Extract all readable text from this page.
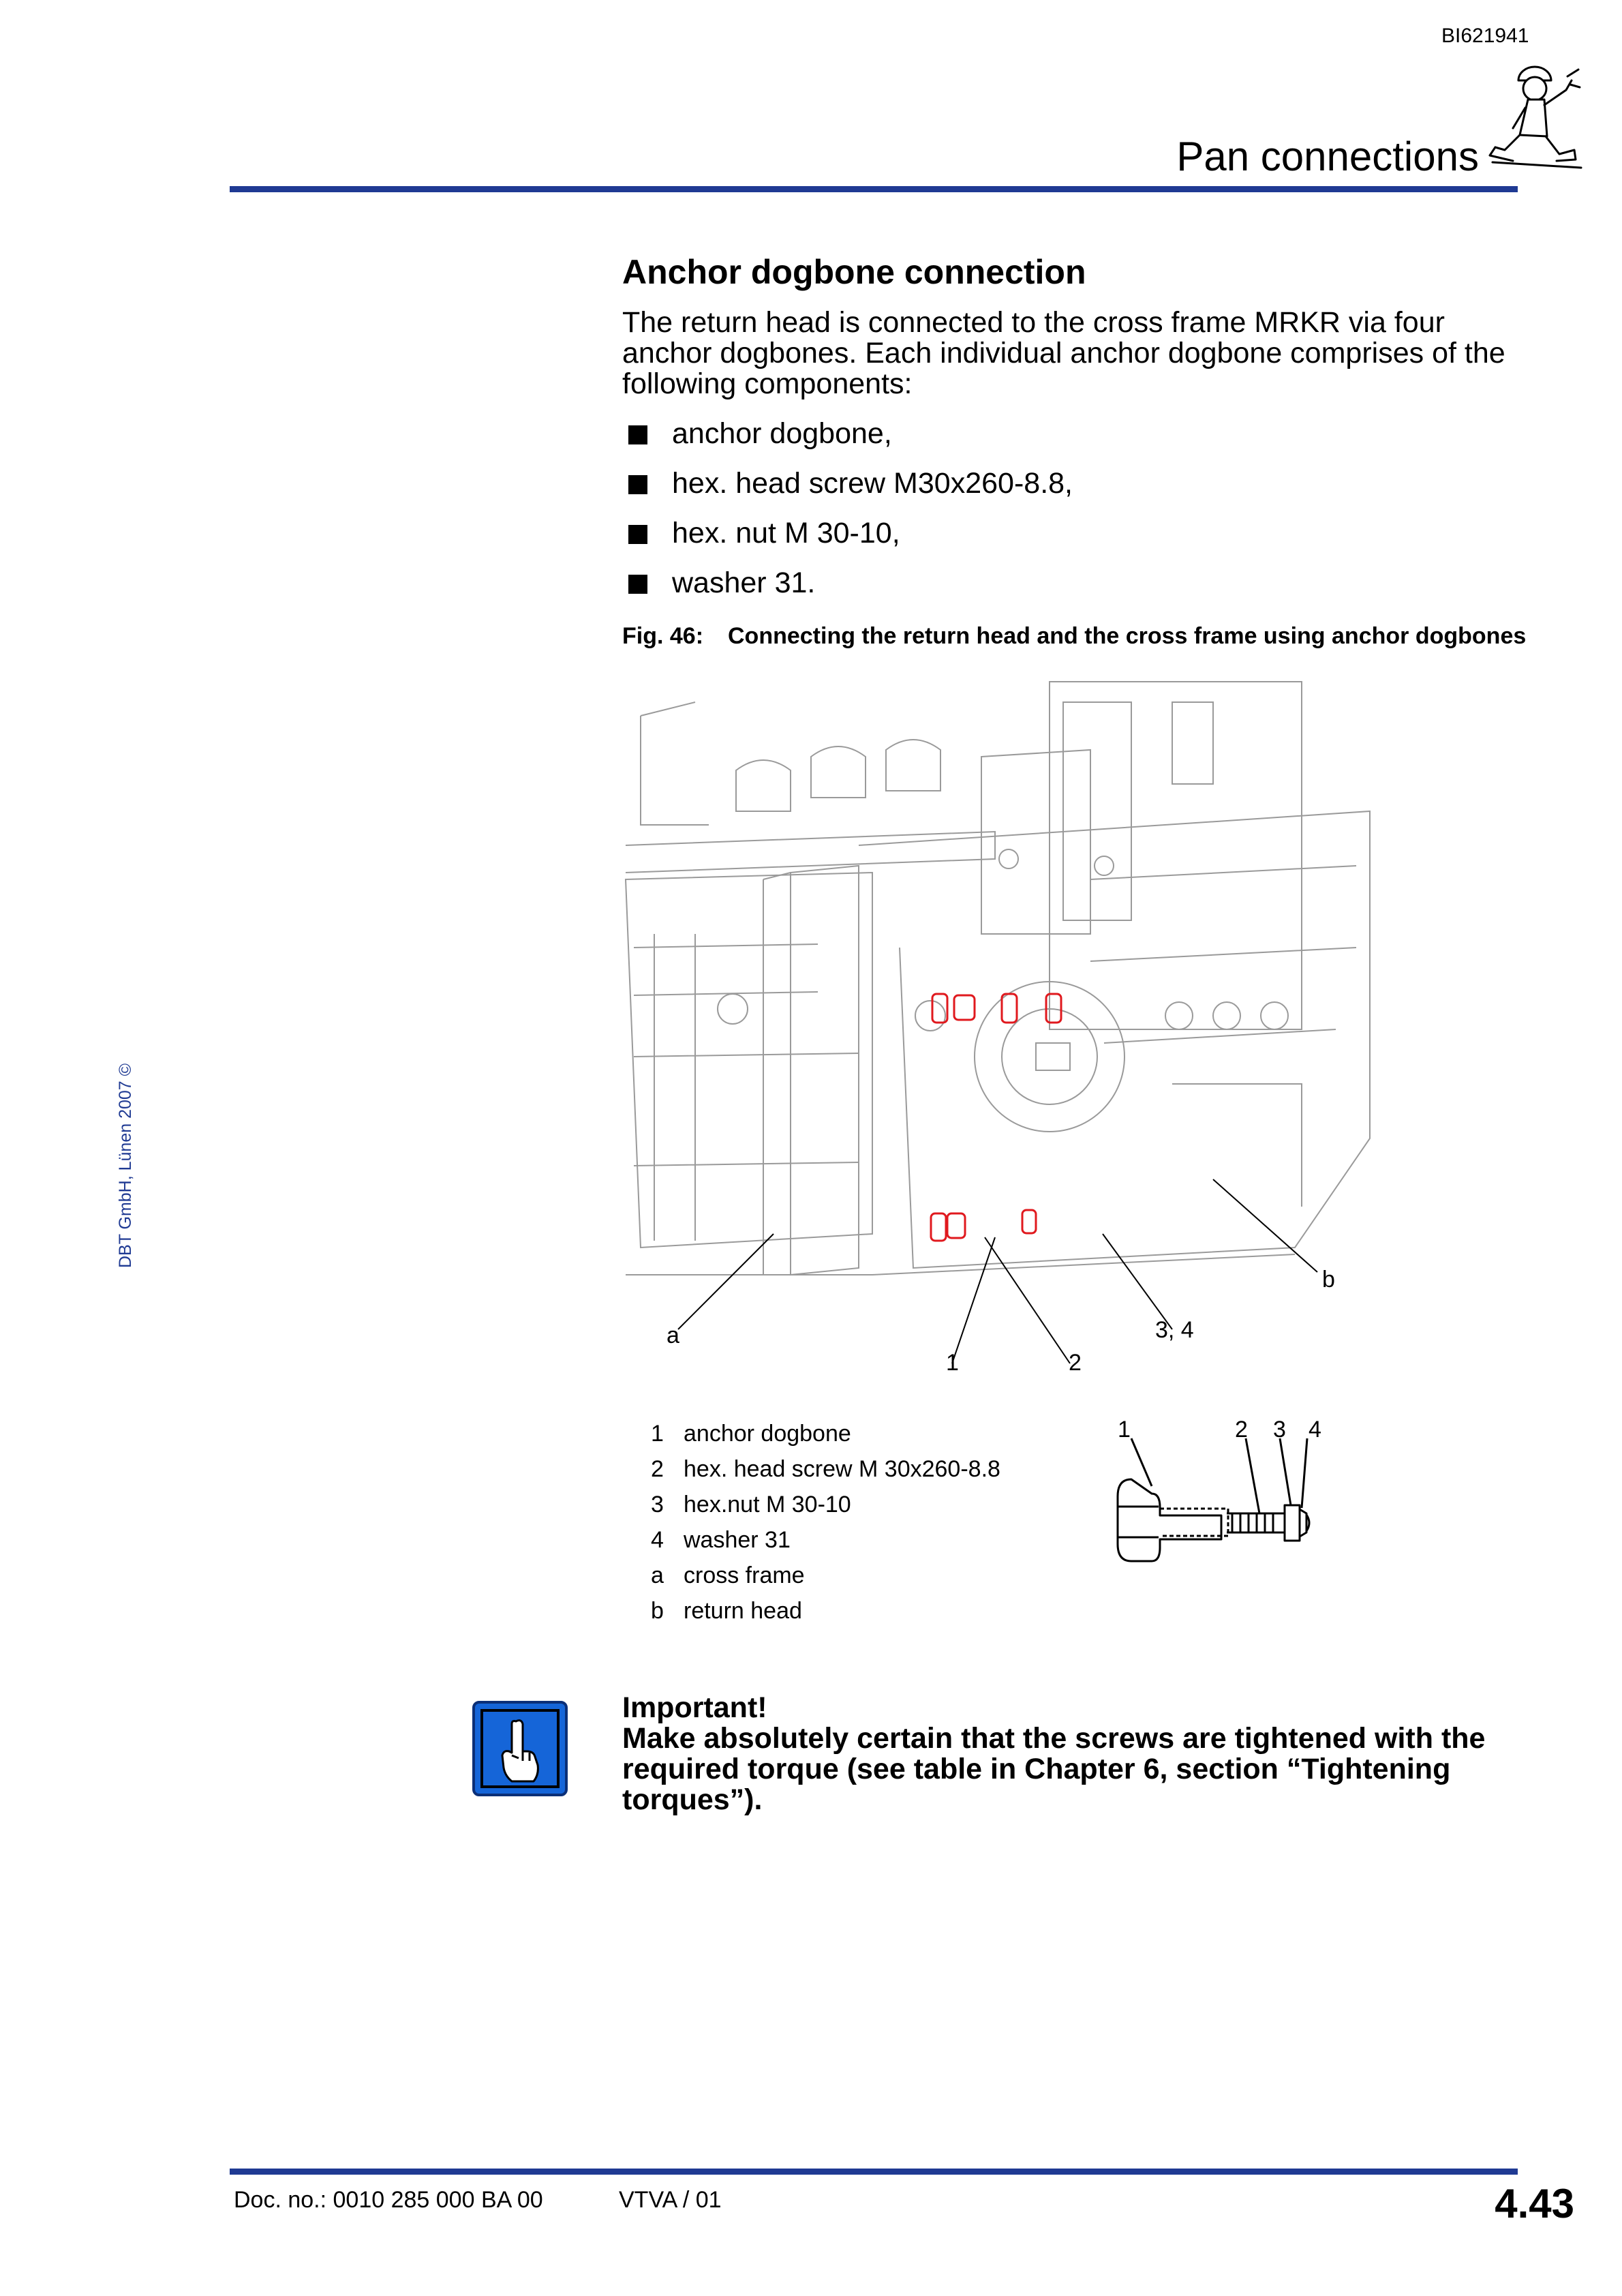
BI621941
Pan connections
DBT GmbH, Lünen 2007 ©
Anchor dogbone connection

The return head is connected to the cross frame MRKR via four anchor dogbones. Each individual anchor dogbone comprises of the following components:

anchor dogbone,
hex. head screw M30x260-8.8,
hex. nut M 30-10,
washer 31.
Fig. 46:	Connecting the return head and the cross frame using anchor dogbones
a
1	2
3, 4
b
1 anchor dogbone
2 hex. head screw M 30x260-8.8
3 hex.nut M 30-10
4 washer 31
a cross frame
b return head
1	2 3 4

Important!

Make absolutely certain that the screws are tightened with the required torque (see table in Chapter 6, section “Tightening torques”).

Doc. no.: 0010 285 000 BA 00	VTVA / 01	4.43
